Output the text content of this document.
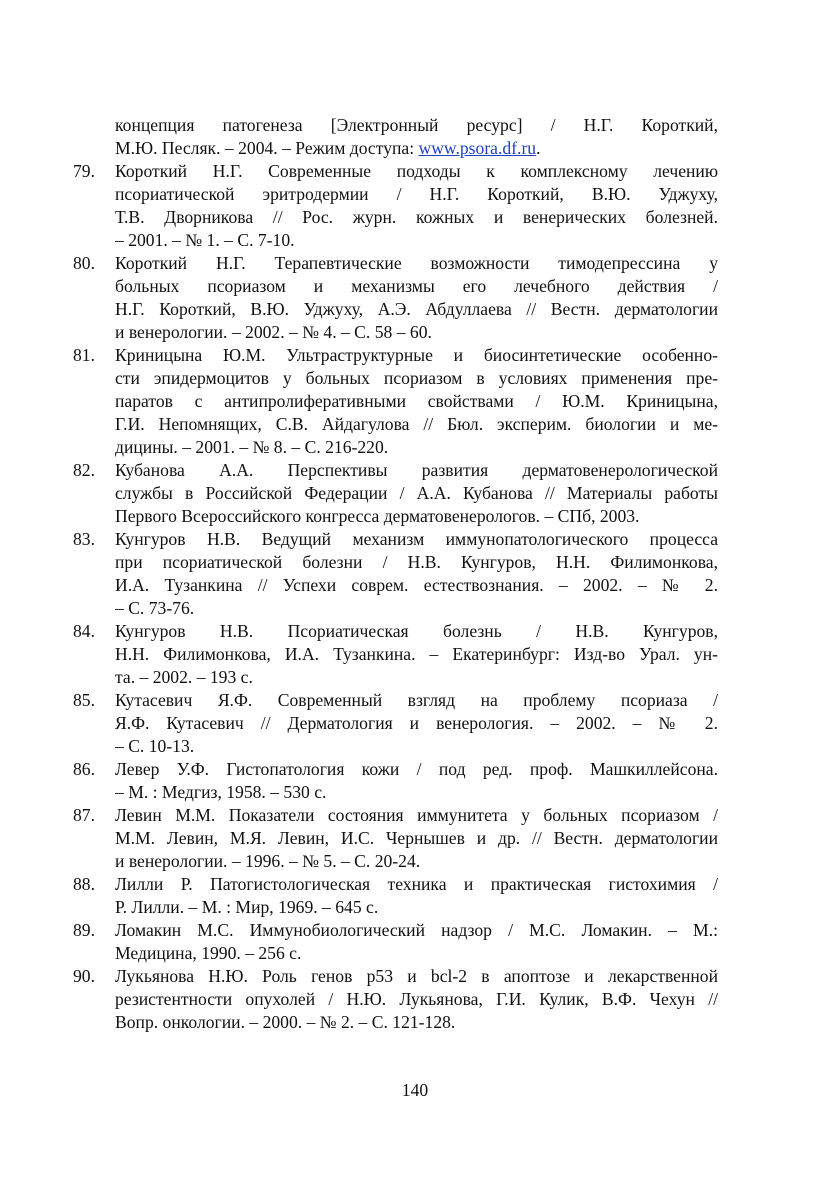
концепция патогенеза [Электронный ресурс] / Н.Г. Короткий,
М.Ю. Песляк. – 2004. – Режим доступа: www.psora.df.ru.
79.	Короткий Н.Г. Современные подходы к комплексному лечению
псориатической эритродермии / Н.Г. Короткий, В.Ю. Уджуху,
Т.В. Дворникова // Рос. журн. кожных и венерических болезней.
– 2001. – № 1. – С. 7-10.
80.	Короткий Н.Г. Терапевтические возможности тимодепрессина у
больных псориазом и механизмы его лечебного действия /
Н.Г. Короткий, В.Ю. Уджуху, А.Э. Абдуллаева // Вестн. дерматологии
и венерологии. – 2002. – № 4. – С. 58 – 60.
81.	Криницына Ю.М. Ультраструктурные и биосинтетические особенно-
сти эпидермоцитов у больных псориазом в условиях применения пре-
паратов с антипролиферативными свойствами / Ю.М. Криницына,
Г.И. Непомнящих, С.В. Айдагулова // Бюл. эксперим. биологии и ме-
дицины. – 2001. – № 8. – С. 216-220.
82.	Кубанова А.А. Перспективы развития дерматовенерологической
службы в Российской Федерации / А.А. Кубанова // Материалы работы
Первого Всероссийского конгресса дерматовенерологов. – СПб, 2003.
83.	Кунгуров Н.В. Ведущий механизм иммунопатологического процесса
при псориатической болезни / Н.В. Кунгуров, Н.Н. Филимонкова,
И.А. Тузанкина // Успехи соврем. естествознания. – 2002. – № 2.
– С. 73-76.
84.	Кунгуров Н.В. Псориатическая болезнь / Н.В. Кунгуров,
Н.Н. Филимонкова, И.А. Тузанкина. – Екатеринбург: Изд-во Урал. ун-
та. – 2002. – 193 с.
85.	Кутасевич Я.Ф. Современный взгляд на проблему псориаза /
Я.Ф. Кутасевич // Дерматология и венерология. – 2002. – № 2.
– С. 10-13.
86.	Левер У.Ф. Гистопатология кожи / под ред. проф. Машкиллейсона.
– М. : Медгиз, 1958. – 530 с.
87.	Левин М.М. Показатели состояния иммунитета у больных псориазом /
М.М. Левин, М.Я. Левин, И.С. Чернышев и др. // Вестн. дерматологии
и венерологии. – 1996. – № 5. – С. 20-24.
88.	Лилли Р. Патогистологическая техника и практическая гистохимия /
Р. Лилли. – М. : Мир, 1969. – 645 с.
89.	Ломакин М.С. Иммунобиологический надзор / М.С. Ломакин. – М.:
Медицина, 1990. – 256 с.
90.	Лукьянова Н.Ю. Роль генов p53 и bcl-2 в апоптозе и лекарственной
резистентности опухолей / Н.Ю. Лукьянова, Г.И. Кулик, В.Ф. Чехун //
Вопр. онкологии. – 2000. – № 2. – С. 121-128.
140
